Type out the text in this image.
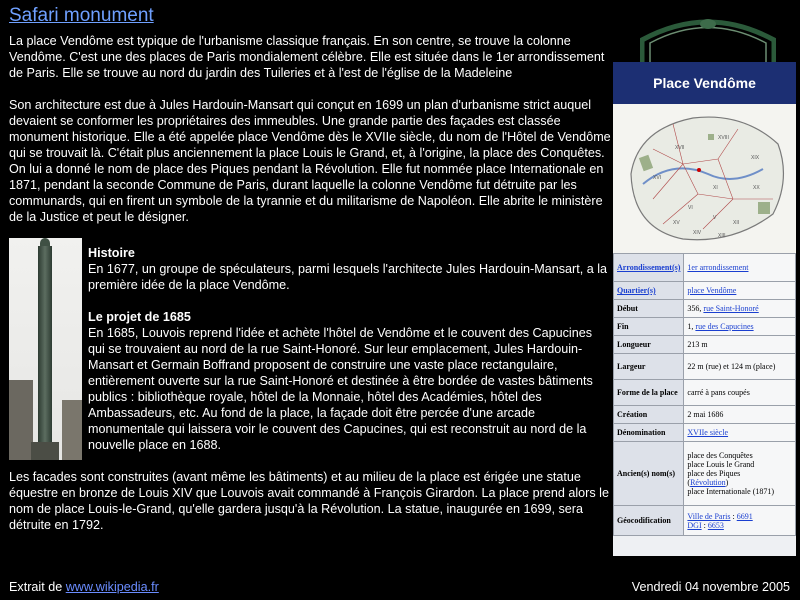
Safari monument

La place Vendôme est typique de l'urbanisme classique français. En son centre, se trouve la colonne Vendôme. C'est une des places de Paris mondialement célèbre. Elle est située dans le 1er arrondissement de Paris. Elle se trouve au nord du jardin des Tuileries et à l'est de l'église de la Madeleine

Son architecture est due à Jules Hardouin-Mansart qui conçut en 1699 un plan d'urbanisme strict auquel devaient se conformer les propriétaires des immeubles. Une grande partie des façades est classée monument historique. Elle a été appelée place Vendôme dès le XVIIe siècle, du nom de l'Hôtel de Vendôme qui se trouvait là. C'était plus anciennement la place Louis le Grand, et, à l'origine, la place des Conquêtes. On lui a donné le nom de place des Piques pendant la Révolution. Elle fut nommée place Internationale en 1871, pendant la seconde Commune de Paris, durant laquelle la colonne Vendôme fut détruite par les communards, qui en firent un symbole de la tyrannie et du militarisme de Napoléon. Elle abrite le ministère de la Justice et peut le désigner.

Histoire

En 1677, un groupe de spéculateurs, parmi lesquels l'architecte Jules Hardouin-Mansart, a la première idée de la place Vendôme.

Le projet de 1685

En 1685, Louvois reprend l'idée et achète l'hôtel de Vendôme et le couvent des Capucines qui se trouvaient au nord de la rue Saint-Honoré. Sur leur emplacement, Jules Hardouin-Mansart et Germain Boffrand proposent de construire une vaste place rectangulaire, entièrement ouverte sur la rue Saint-Honoré et destinée à être bordée de vastes bâtiments publics : bibliothèque royale, hôtel de la Monnaie, hôtel des Académies, hôtel des Ambassadeurs, etc. Au fond de la place, la façade doit être percée d'une arcade monumentale qui laissera voir le couvent des Capucines, qui est reconstruit au nord de la nouvelle place en 1688.

Les facades sont construites (avant même les bâtiments) et au milieu de la place est érigée une statue équestre en bronze de Louis XIV que Louvois avait commandé à François Girardon. La place prend alors le nom de place Louis-le-Grand, qu'elle gardera jusqu'à la Révolution. La statue, inaugurée en 1699, sera détruite en 1792.

Extrait de www.wikipedia.fr	Vendredi 04 novembre 2005
Place Vendôme
XVII
XVIII
XIX
XVI
XX
XI
VI
V
XV	XII
XIV	XIII
Arrondissement(s)	1er arrondissement
Quartier(s)	place Vendôme
Début	356, rue Saint-Honoré
Fin	1, rue des Capucines
Longueur	213 m
Largeur	22 m (rue) et 124 m (place)
Forme de la place	carré à pans coupés
Création	2 mai 1686
Dénomination	XVIIe siècle
Ancien(s) nom(s)	place des Conquêtes
place Louis le Grand
place des Piques
(Révolution)
place Internationale (1871)

Géocodification	Ville de Paris : 6691
DGI : 6653
